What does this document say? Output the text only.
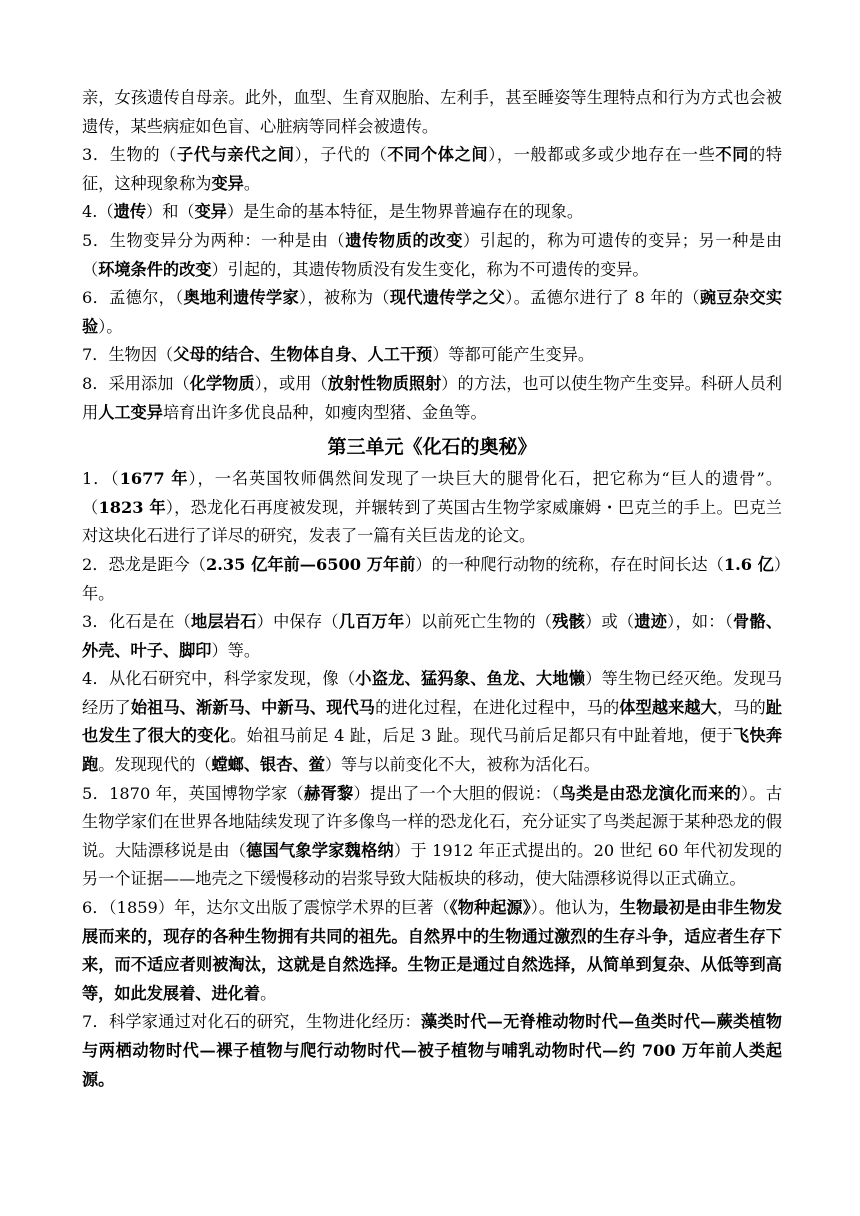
亲，女孩遗传自母亲。此外，血型、生育双胞胎、左利手，甚至睡姿等生理特点和行为方式也会被遗传，某些病症如色盲、心脏病等同样会被遗传。

3．生物的（子代与亲代之间），子代的（不同个体之间），一般都或多或少地存在一些不同的特征，这种现象称为变异。

4.（遗传）和（变异）是生命的基本特征，是生物界普遍存在的现象。

5．生物变异分为两种：一种是由（遗传物质的改变）引起的，称为可遗传的变异；另一种是由（环境条件的改变）引起的，其遗传物质没有发生变化，称为不可遗传的变异。

6．孟德尔，（奥地利遗传学家），被称为（现代遗传学之父）。孟德尔进行了 8 年的（豌豆杂交实验）。

7．生物因（父母的结合、生物体自身、人工干预）等都可能产生变异。

8．采用添加（化学物质），或用（放射性物质照射）的方法，也可以使生物产生变异。科研人员利用人工变异培育出许多优良品种，如瘦肉型猪、金鱼等。

第三单元《化石的奥秘》

1．（1677 年），一名英国牧师偶然间发现了一块巨大的腿骨化石，把它称为“巨人的遗骨”。（1823 年），恐龙化石再度被发现，并辗转到了英国古生物学家威廉姆・巴克兰的手上。巴克兰对这块化石进行了详尽的研究，发表了一篇有关巨齿龙的论文。

2．恐龙是距今（2.35 亿年前—6500 万年前）的一种爬行动物的统称，存在时间长达（1.6 亿）年。

3．化石是在（地层岩石）中保存（几百万年）以前死亡生物的（残骸）或（遗迹），如：（骨骼、外壳、叶子、脚印）等。

4．从化石研究中，科学家发现，像（小盗龙、猛犸象、鱼龙、大地懒）等生物已经灭绝。发现马经历了始祖马、渐新马、中新马、现代马的进化过程，在进化过程中，马的体型越来越大，马的趾也发生了很大的变化。始祖马前足 4 趾，后足 3 趾。现代马前后足都只有中趾着地，便于飞快奔跑。发现现代的（螳螂、银杏、鲎）等与以前变化不大，被称为活化石。

5．1870 年，英国博物学家（赫胥黎）提出了一个大胆的假说：（鸟类是由恐龙演化而来的）。古生物学家们在世界各地陆续发现了许多像鸟一样的恐龙化石，充分证实了鸟类起源于某种恐龙的假说。大陆漂移说是由（德国气象学家魏格纳）于 1912 年正式提出的。20 世纪 60 年代初发现的另一个证据——地壳之下缓慢移动的岩浆导致大陆板块的移动，使大陆漂移说得以正式确立。

6．（1859）年，达尔文出版了震惊学术界的巨著（《物种起源》）。他认为，生物最初是由非生物发展而来的，现存的各种生物拥有共同的祖先。自然界中的生物通过激烈的生存斗争，适应者生存下来，而不适应者则被淘汰，这就是自然选择。生物正是通过自然选择，从简单到复杂、从低等到高等，如此发展着、进化着。

7．科学家通过对化石的研究，生物进化经历：藻类时代—无脊椎动物时代—鱼类时代—蕨类植物与两栖动物时代—裸子植物与爬行动物时代—被子植物与哺乳动物时代—约 700 万年前人类起源。
